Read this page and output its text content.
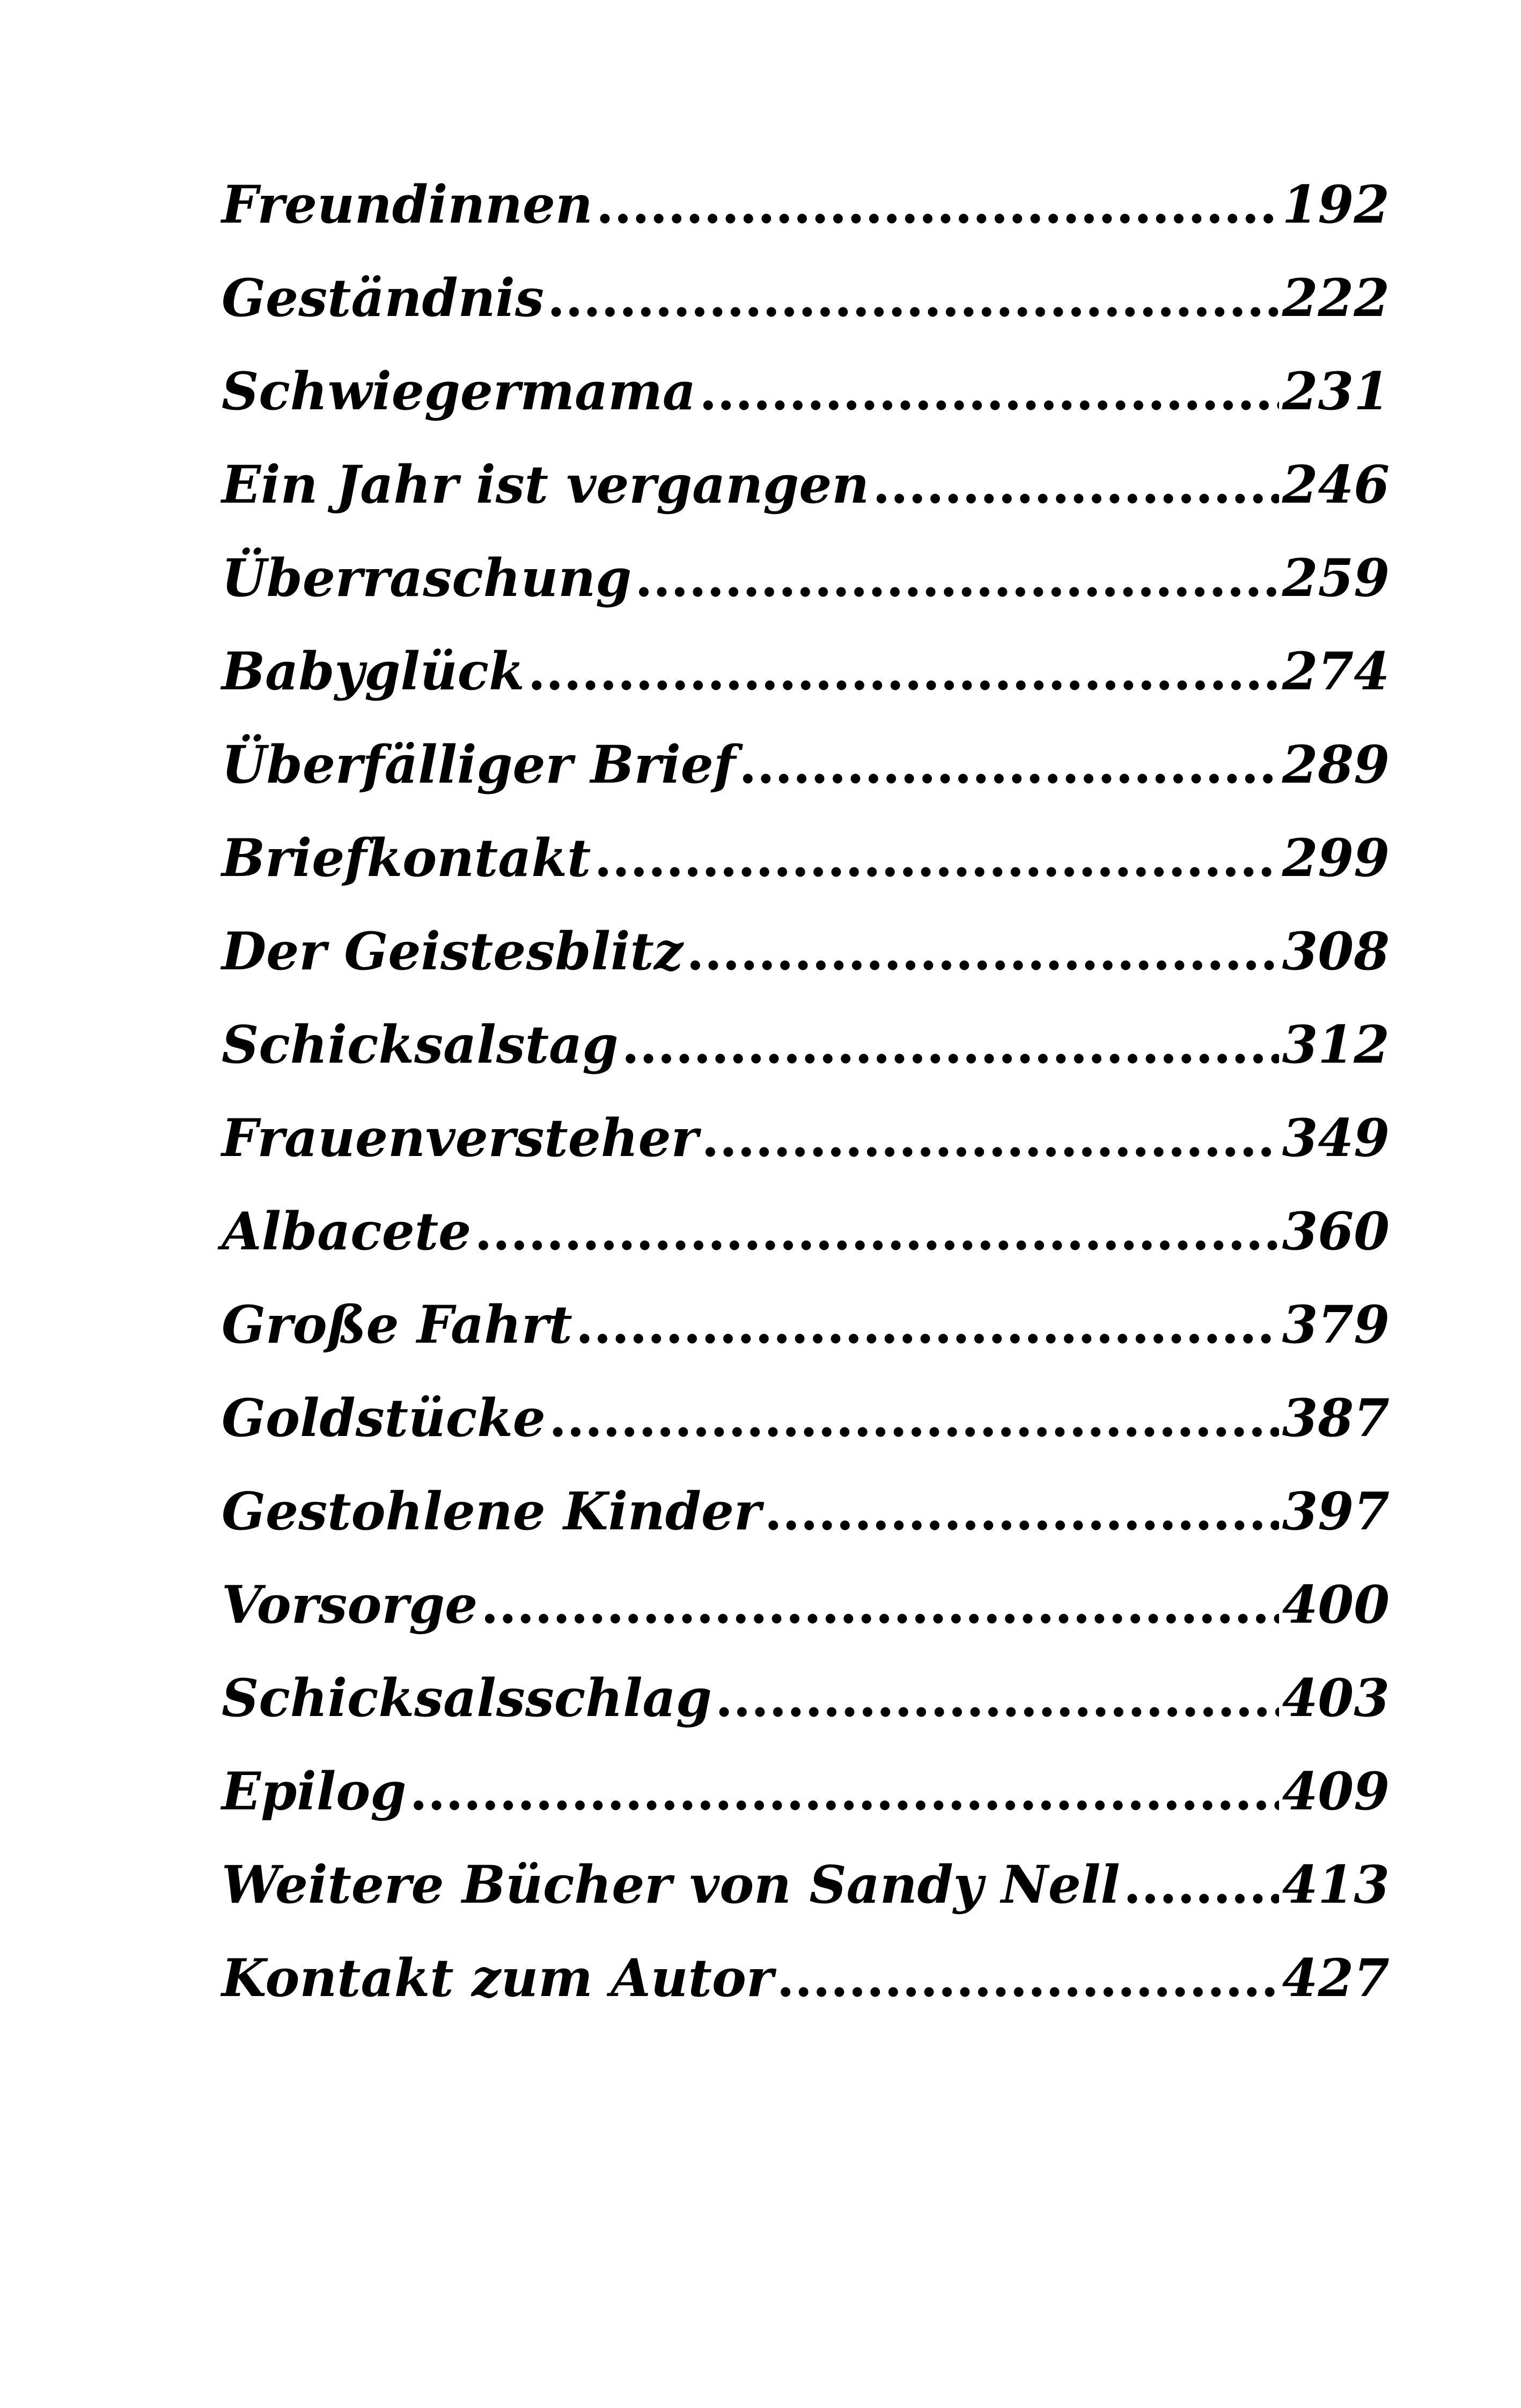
Freundinnen .....	192
Geständnis .....	222
Schwiegermama .....	231
Ein Jahr ist vergangen .....	246
Überraschung .....	259
Babyglück .....	274
Überfälliger Brief .....	289
Briefkontakt .....	299
Der Geistesblitz .....	308
Schicksalstag .....	312
Frauenversteher .....	349
Albacete .....	360
Große Fahrt .....	379
Goldstücke .....	387
Gestohlene Kinder .....	397
Vorsorge .....	400
Schicksalsschlag .....	403
Epilog .....	409
Weitere Bücher von Sandy Nell .....	413
Kontakt zum Autor .....	427
